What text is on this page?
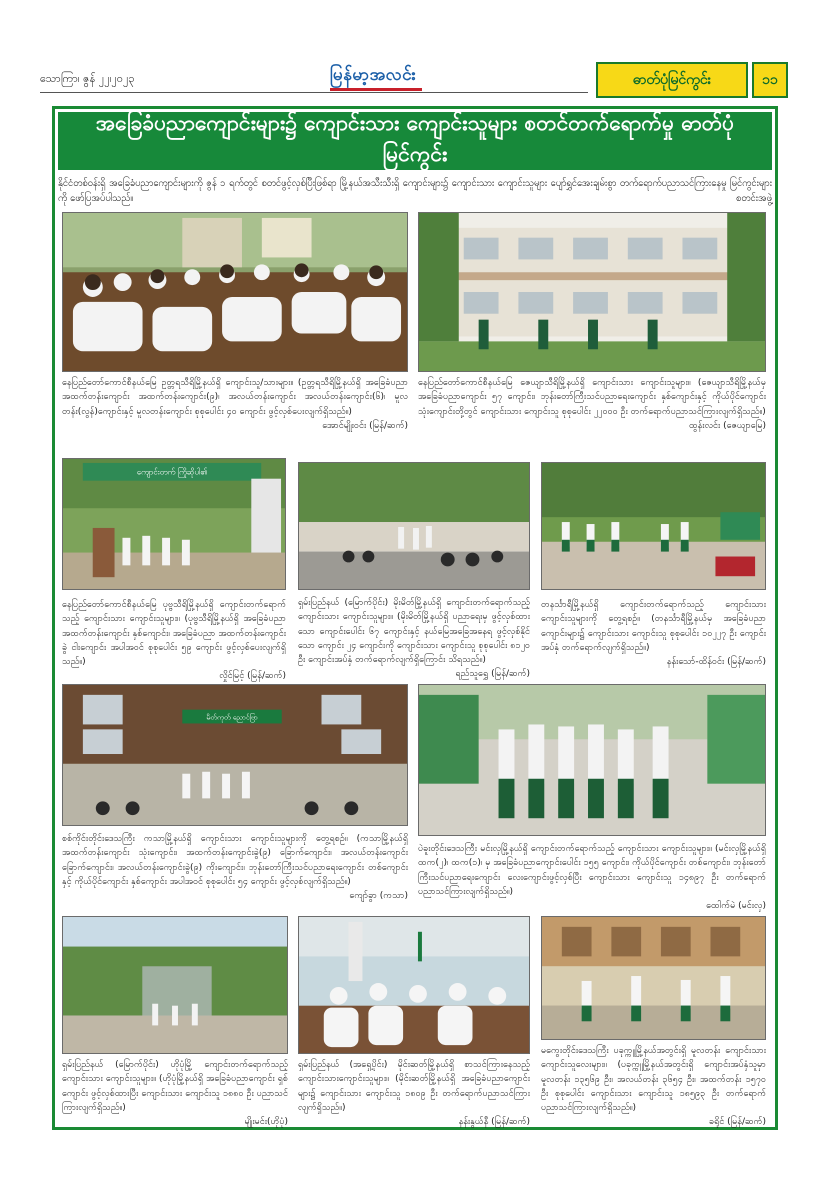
သောကြာ၊ ဇွန် ၂၂၊၂၀၂၃	မြန်မာ့အလင်း	ဓာတ်ပုံမြင်ကွင်း	၁၁
အခြေခံပညာကျောင်းများ၌ ကျောင်းသား ကျောင်းသူများ စတင်တက်ရောက်မှု ဓာတ်ပုံမြင်ကွင်း
နိုင်ငံတစ်ဝန်းရှိ အခြေခံပညာကျောင်းများကို ဇွန် ၁ ရက်တွင် စတင်ဖွင့်လှစ်ပြီးဖြစ်ရာ မြို့နယ်အသီးသီးရှိ ကျောင်းများ၌ ကျောင်းသား ကျောင်းသူများ ပျော်ရွှင်အေးချမ်းစွာ တက်ရောက်ပညာသင်ကြားနေမှု မြင်ကွင်းများကို ဖော်ပြအပ်ပါသည်။	စတင်းအဖွဲ့
နေပြည်တော်ကောင်စီနယ်မြေ ဥတ္တရသီရိမြို့နယ်ရှိ ကျောင်းသူ/သားများ။ (ဥတ္တရသီရိမြို့နယ်ရှိ အခြေခံပညာ အထက်တန်းကျောင်း အထက်တန်းကျောင်း(၉)၊ အလယ်တန်းကျောင်း အလယ်တန်းကျောင်း(၆)၊ မူလတန်း(လွန်)ကျောင်းနှင့် မူလတန်းကျောင်း စုစုပေါင်း ၄၀ ကျောင်း ဖွင့်လှစ်ပေးလျက်ရှိသည်။)
အောင်မျိုးဝင်း (မြန်/ဆက်)
နေပြည်တော်ကောင်စီနယ်မြေ ဇေယျာသီရိမြို့နယ်ရှိ ကျောင်းသား ကျောင်းသူများ။ (ဇေယျာသီရိမြို့နယ်မှ အခြေခံပညာကျောင်း ၅၇ ကျောင်း၊ ဘုန်းတော်ကြီးသင်ပညာရေးကျောင်း နှစ်ကျောင်းနှင့် ကိုယ်ပိုင်ကျောင်း သုံးကျောင်းတို့တွင် ကျောင်းသား ကျောင်းသူ စုစုပေါင်း ၂၂၀၀၀ ဦး တက်ရောက်ပညာသင်ကြားလျက်ရှိသည်။)
ထွန်းလင်း (ဇေယျာမြေ)
ကျောင်းတက် ကြိုဆိုပါ၏
နေပြည်တော်ကောင်စီနယ်မြေ ပုဗ္ဗသီရိမြို့နယ်ရှိ ကျောင်းတက်ရောက်သည့် ကျောင်းသား ကျောင်းသူများ။ (ပုဗ္ဗသီရိမြို့နယ်ရှိ အခြေခံပညာ အထက်တန်းကျောင်း နှစ်ကျောင်း၊ အခြေခံပညာ အထက်တန်းကျောင်းခွဲ ငါးကျောင်း အပါအဝင် စုစုပေါင်း ၅၉ ကျောင်း ဖွင့်လှစ်ပေးလျက်ရှိသည်။)
လှိုင်မြင့် (မြန်/ဆက်)
ရှမ်းပြည်နယ် (မြောက်ပိုင်း) မိုးမိတ်မြို့နယ်ရှိ ကျောင်းတက်ရောက်သည့် ကျောင်းသား ကျောင်းသူများ။ (မိုးမိတ်မြို့နယ်ရှိ ပညာရေးမှ ဖွင့်လှစ်ထားသော ကျောင်းပေါင်း ၆၇ ကျောင်းနှင့် နယ်မြေအခြေအနေရ ဖွင့်လှစ်နိုင်သော ကျောင်း ၂၄ ကျောင်းကို ကျောင်းသား ကျောင်းသူ စုစုပေါင်း ၈၁၂၀ ဦး ကျောင်းအပ်နှံ တက်ရောက်လျက်ရှိကြောင်း သိရသည်။)
ရည်သူရွှေ (မြန်/ဆက်)
တနင်္သာရီမြို့နယ်ရှိ ကျောင်းတက်ရောက်သည့် ကျောင်းသား ကျောင်းသူများကို တွေ့ရစဉ်။ (တနင်္သာရီမြို့နယ်မှ အခြေခံပညာကျောင်းများ၌ ကျောင်းသား ကျောင်းသူ စုစုပေါင်း ၁၀၂၂၇ ဦး ကျောင်းအပ်နှံ တက်ရောက်လျက်ရှိသည်။)
နန်းသော်-ထိန်ဝင်း (မြန်/ဆက်)
မိတ်ကုတ် ညောင်ဗြာ
စစ်ကိုင်းတိုင်းဒေသကြီး ကသာမြို့နယ်ရှိ ကျောင်းသား ကျောင်းသူများကို တွေ့ရစဉ်။ (ကသာမြို့နယ်ရှိ အထက်တန်းကျောင်း သုံးကျောင်း၊ အထက်တန်းကျောင်းခွဲ(၉) ခြောက်ကျောင်း၊ အလယ်တန်းကျောင်း ခြောက်ကျောင်း၊ အလယ်တန်းကျောင်းခွဲ(၉) ကိုးကျောင်း၊ ဘုန်းတော်ကြီးသင်ပညာရေးကျောင်း တစ်ကျောင်းနှင့် ကိုယ်ပိုင်ကျောင်း နှစ်ကျောင်း အပါအဝင် စုစုပေါင်း ၅၄ ကျောင်း ဖွင့်လှစ်လျက်ရှိသည်။)
ကျော်ခွာ (ကသာ)
ပဲခူးတိုင်းဒေသကြီး မင်းလှမြို့နယ်ရှိ ကျောင်းတက်ရောက်သည့် ကျောင်းသား ကျောင်းသူများ။ (မင်းလှမြို့နယ်ရှိ ထက(၂)၊ ထက(၁)၊ မှ အခြေခံပညာကျောင်းပေါင်း ၁၅၅ ကျောင်း၊ ကိုယ်ပိုင်ကျောင်း တစ်ကျောင်း၊ ဘုန်းတော်ကြီးသင်ပညာရေးကျောင်း လေးကျောင်းဖွင့်လှစ်ပြီး ကျောင်းသား ကျောင်းသူ ၁၄၈၉၇ ဦး တက်ရောက်ပညာသင်ကြားလျက်ရှိသည်။)
ထေါက်မဲ (မင်းလှ)
ရှမ်းပြည်နယ် (မြောက်ပိုင်း) ဟိုပုံမြို့ ကျောင်းတက်ရောက်သည့် ကျောင်းသား ကျောင်းသူများ။ (ဟိုပုံမြို့နယ်ရှိ အခြေခံပညာကျောင်း ရှစ်ကျောင်း ဖွင့်လှစ်ထားပြီး ကျောင်းသား ကျောင်းသူ ၁၈၈၀ ဦး ပညာသင်ကြားလျက်ရှိသည်။)
မျိုးမင်း(ဟိုပုံ)
ရှမ်းပြည်နယ် (အရှေ့ပိုင်း) မိုင်းဆတ်မြို့နယ်ရှိ စာသင်ကြားနေသည့် ကျောင်းသားကျောင်းသူများ။ (မိုင်းဆတ်မြို့နယ်ရှိ အခြေခံပညာကျောင်းများ၌ ကျောင်းသား ကျောင်းသူ ၁၈၀၉ ဦး တက်ရောက်ပညာသင်ကြားလျက်ရှိသည်။)
နန်းနွယ်နီ (မြန်/ဆက်)
မကွေးတိုင်းဒေသကြီး ပခုက္ကူမြို့နယ်အတွင်းရှိ မူလတန်း ကျောင်းသား ကျောင်းသူလေးများ။ (ပခုက္ကူမြို့နယ်အတွင်းရှိ ကျောင်းအပ်နှံသူမှာ မူလတန်း ၁၃၅၆၉ ဦး၊ အလယ်တန်း ၃၆၅၄ ဦး၊ အထက်တန်း ၁၅၇၀ ဦး စုစုပေါင်း ကျောင်းသား ကျောင်းသူ ၁၈၅၉၃ ဦး တက်ရောက် ပညာသင်ကြားလျက်ရှိသည်။)
ခရိုင် (မြန်/ဆက်)
